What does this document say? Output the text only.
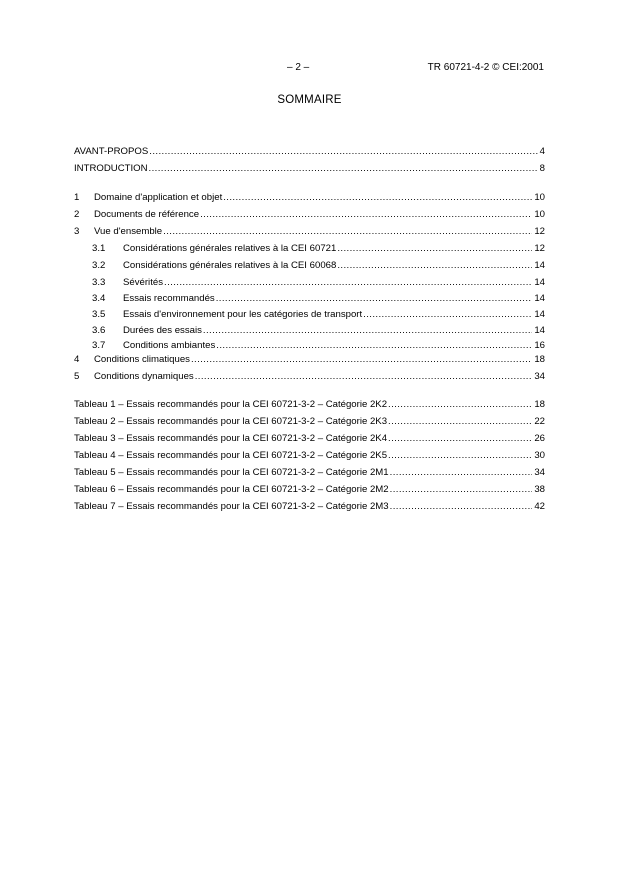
– 2 –	TR 60721-4-2 © CEI:2001
SOMMAIRE
AVANT-PROPOS .....	4
INTRODUCTION .....	8
1	Domaine d'application et objet .....	10
2	Documents de référence .....	10
3	Vue d'ensemble .....	12
3.1	Considérations générales relatives à la CEI 60721 .....	12
3.2	Considérations générales relatives à la CEI 60068 .....	14
3.3	Sévérités .....	14
3.4	Essais recommandés .....	14
3.5	Essais d'environnement pour les catégories de transport .....	14
3.6	Durées des essais .....	14
3.7	Conditions ambiantes .....	16
4	Conditions climatiques .....	18
5	Conditions dynamiques .....	34
Tableau 1 – Essais recommandés pour la CEI 60721-3-2 – Catégorie 2K2 .....	18
Tableau 2 – Essais recommandés pour la CEI 60721-3-2 – Catégorie 2K3 .....	22
Tableau 3 – Essais recommandés pour la CEI 60721-3-2 – Catégorie 2K4 .....	26
Tableau 4 – Essais recommandés pour la CEI 60721-3-2 – Catégorie 2K5 .....	30
Tableau 5 – Essais recommandés pour la CEI 60721-3-2 – Catégorie 2M1 .....	34
Tableau 6 – Essais recommandés pour la CEI 60721-3-2 – Catégorie 2M2 .....	38
Tableau 7 – Essais recommandés pour la CEI 60721-3-2 – Catégorie 2M3 .....	42
